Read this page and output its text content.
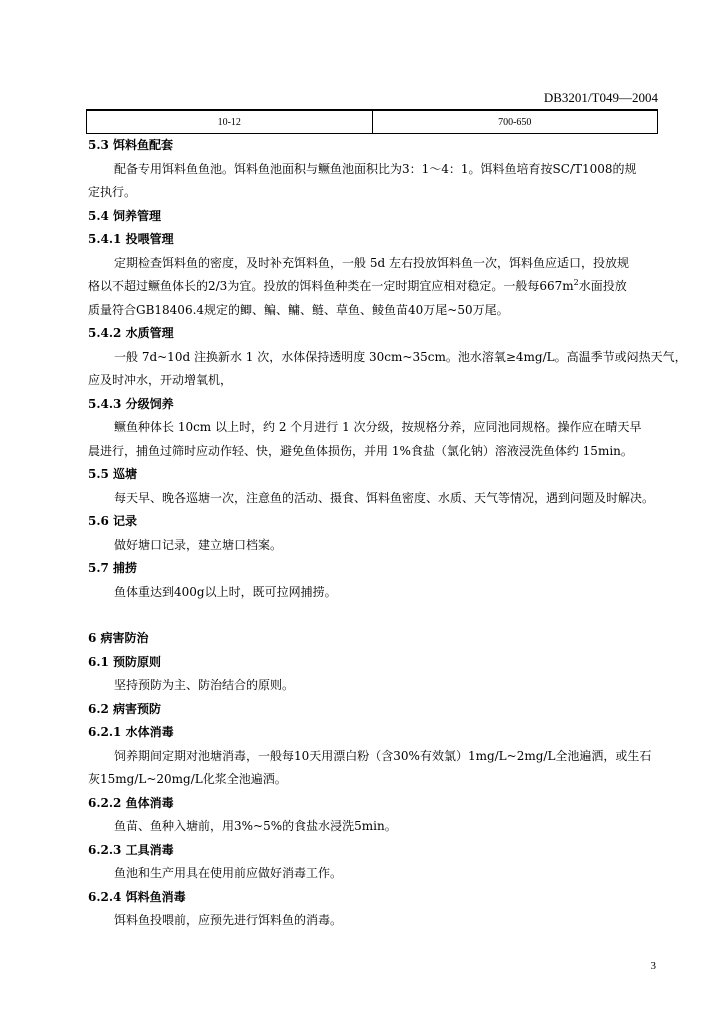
DB3201/T049—2004
10-12	700-650
5.3 饵料鱼配套
配备专用饵料鱼鱼池。饵料鱼池面积与鳜鱼池面积比为3：1～4：1。饵料鱼培育按SC/T1008的规
定执行。
5.4 饲养管理
5.4.1 投喂管理
定期检查饵料鱼的密度，及时补充饵料鱼，一般 5d 左右投放饵料鱼一次，饵料鱼应适口，投放规
格以不超过鳜鱼体长的2/3为宜。投放的饵料鱼种类在一定时期宜应相对稳定。一般每$667m^2$水面投放
质量符合GB18406.4规定的鲫、鳊、鳙、鲢、草鱼、鲮鱼苗40万尾~50万尾。
5.4.2 水质管理
一般 7d~10d 注换新水 1 次，水体保持透明度 30cm~35cm。池水溶氧≥4mg/L。高温季节或闷热天气，
应及时冲水，开动增氧机，
5.4.3 分级饲养
鳜鱼种体长 10cm 以上时，约 2 个月进行 1 次分级，按规格分养，应同池同规格。操作应在晴天早
晨进行，捕鱼过筛时应动作轻、快，避免鱼体损伤，并用 1%食盐（氯化钠）溶液浸洗鱼体约 15min。
5.5 巡塘
每天早、晚各巡塘一次，注意鱼的活动、摄食、饵料鱼密度、水质、天气等情况，遇到问题及时解决。
5.6 记录
做好塘口记录，建立塘口档案。
5.7 捕捞
鱼体重达到400g以上时，既可拉网捕捞。
6 病害防治
6.1 预防原则
坚持预防为主、防治结合的原则。
6.2 病害预防
6.2.1 水体消毒
饲养期间定期对池塘消毒，一般每10天用漂白粉（含30%有效氯）1mg/L~2mg/L全池遍洒，或生石
灰15mg/L~20mg/L化浆全池遍洒。
6.2.2 鱼体消毒
鱼苗、鱼种入塘前，用3%~5%的食盐水浸洗5min。
6.2.3 工具消毒
鱼池和生产用具在使用前应做好消毒工作。
6.2.4 饵料鱼消毒
饵料鱼投喂前，应预先进行饵料鱼的消毒。
3
